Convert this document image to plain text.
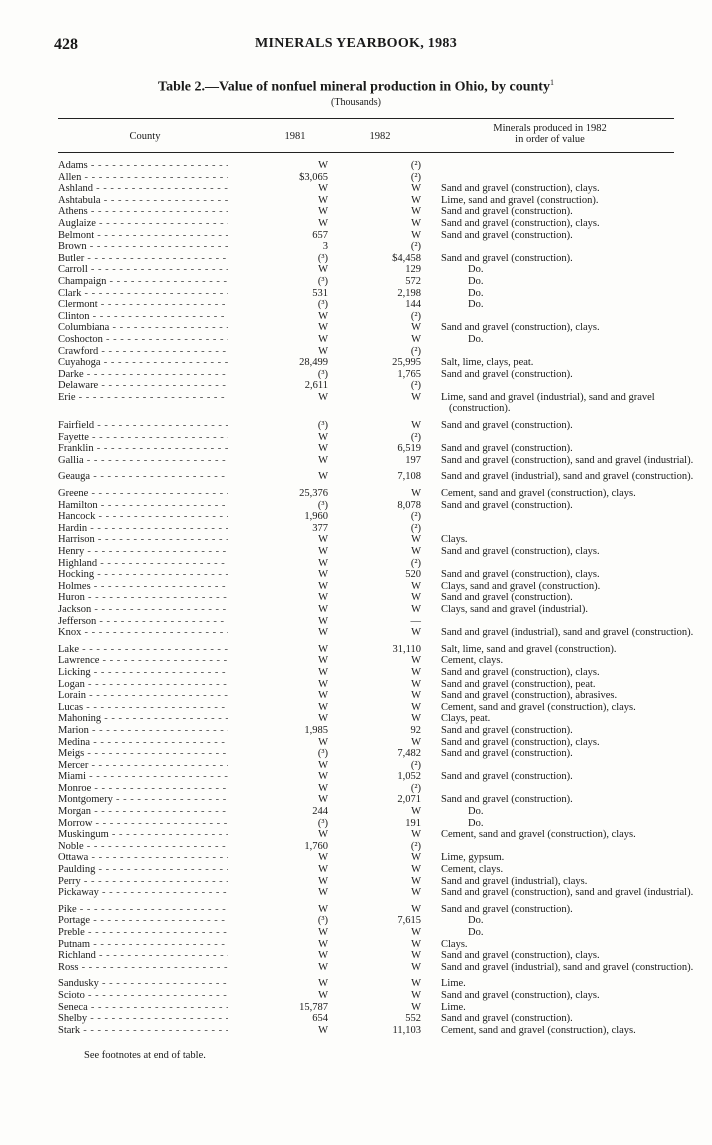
428	MINERALS YEARBOOK, 1983
Table 2.—Value of nonfuel mineral production in Ohio, by county$^1$
(Thousands)
County	1981	1982
Minerals produced in 1982
in order of value
Adams - - -	W	(²)
Allen - - -	$3,065	(²)
Ashland - - -	W	W Sand and gravel (construction), clays.
Ashtabula - - -	W	W Lime, sand and gravel (construction).
Athens - - -	W	W Sand and gravel (construction).
Auglaize - - -	W	W Sand and gravel (construction), clays.
Belmont - - -	657	W Sand and gravel (construction).
Brown - - -	3	(²)
Butler - - -	(³)	$4,458 Sand and gravel (construction).
Carroll - - -	W	129	Do.
Champaign - - -	(³)	572	Do.
Clark - - -	531	2,198	Do.
Clermont - - -	(³)	144	Do.
Clinton - - -	W	(²)
Columbiana - - -	W	W Sand and gravel (construction), clays.
Coshocton - - -	W	W	Do.
Crawford - - -	W	(²)
Cuyahoga - - -	28,499	25,995 Salt, lime, clays, peat.
Darke - - -	(³)	1,765 Sand and gravel (construction).
Delaware - - -	2,611	(²)
Erie - - -	W	W Lime, sand and gravel (industrial), sand and gravel (construction).
Fairfield - - -	(³)	W Sand and gravel (construction).
Fayette - - -	W	(²)
Franklin - - -	W	6,519 Sand and gravel (construction).
Gallia - - -	W	197 Sand and gravel (construction), sand and gravel (industrial).
Geauga - - -	W	7,108 Sand and gravel (industrial), sand and gravel (construction).
Greene - - -	25,376	W Cement, sand and gravel (construction), clays.
Hamilton - - -	(³)	8,078 Sand and gravel (construction).
Hancock - - -	1,960	(²)
Hardin - - -	377	(²)
Harrison - - -	W	W Clays.
Henry - - -	W	W Sand and gravel (construction), clays.
Highland - - -	W	(²)
Hocking - - -	W	520 Sand and gravel (construction), clays.
Holmes - - -	W	W Clays, sand and gravel (construction).
Huron - - -	W	W Sand and gravel (construction).
Jackson - - -	W	W Clays, sand and gravel (industrial).
Jefferson - - -	W	—
Knox - - -	W	W Sand and gravel (industrial), sand and gravel (construction).
Lake - - -	W	31,110 Salt, lime, sand and gravel (construction).
Lawrence - - -	W	W Cement, clays.
Licking - - -	W	W Sand and gravel (construction), clays.
Logan - - -	W	W Sand and gravel (construction), peat.
Lorain - - -	W	W Sand and gravel (construction), abrasives.
Lucas - - -	W	W Cement, sand and gravel (construction), clays.
Mahoning - - -	W	W Clays, peat.
Marion - - -	1,985	92 Sand and gravel (construction).
Medina - - -	W	W Sand and gravel (construction), clays.
Meigs - - -	(³)	7,482 Sand and gravel (construction).
Mercer - - -	W	(²)
Miami - - -	W	1,052 Sand and gravel (construction).
Monroe - - -	W	(²)
Montgomery - - -	W	2,071 Sand and gravel (construction).
Morgan - - -	244	W	Do.
Morrow - - -	(³)	191	Do.
Muskingum - - -	W	W Cement, sand and gravel (construction), clays.
Noble - - -	1,760	(²)
Ottawa - - -	W	W Lime, gypsum.
Paulding - - -	W	W Cement, clays.
Perry - - -	W	W Sand and gravel (industrial), clays.
Pickaway - - -	W	W Sand and gravel (construction), sand and gravel (industrial).
Pike - - -	W	W Sand and gravel (construction).
Portage - - -	(³)	7,615	Do.
Preble - - -	W	W	Do.
Putnam - - -	W	W Clays.
Richland - - -	W	W Sand and gravel (construction), clays.
Ross - - -	W	W Sand and gravel (industrial), sand and gravel (construction).
Sandusky - - -	W	W Lime.
Scioto - - -	W	W Sand and gravel (construction), clays.
Seneca - - -	15,787	W Lime.
Shelby - - -	654	552 Sand and gravel (construction).
Stark - - -	W	11,103 Cement, sand and gravel (construction), clays.
See footnotes at end of table.
